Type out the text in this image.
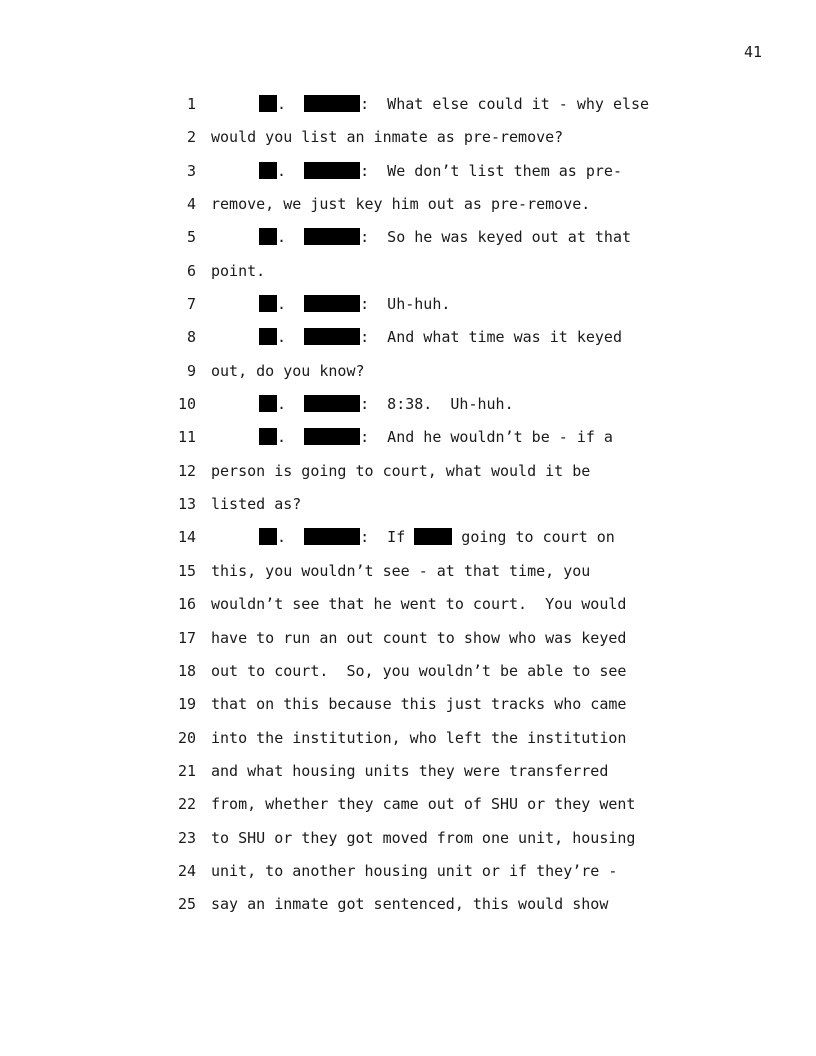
41
1	.	:  What else could it - why else
2 would you list an inmate as pre-remove?
3	.	:  We don’t list them as pre-
4 remove, we just key him out as pre-remove.
5	.	:  So he was keyed out at that
6 point.
7	.	:  Uh-huh.
8	.	:  And what time was it keyed
9 out, do you know?
10	.	:  8:38.  Uh-huh.
11	.	:  And he wouldn’t be - if a
12 person is going to court, what would it be
13 listed as?
14	.	:  If	going to court on
15 this, you wouldn’t see - at that time, you
16 wouldn’t see that he went to court.  You would
17 have to run an out count to show who was keyed
18 out to court.  So, you wouldn’t be able to see
19 that on this because this just tracks who came
20 into the institution, who left the institution
21 and what housing units they were transferred
22 from, whether they came out of SHU or they went
23 to SHU or they got moved from one unit, housing
24 unit, to another housing unit or if they’re -
25 say an inmate got sentenced, this would show
